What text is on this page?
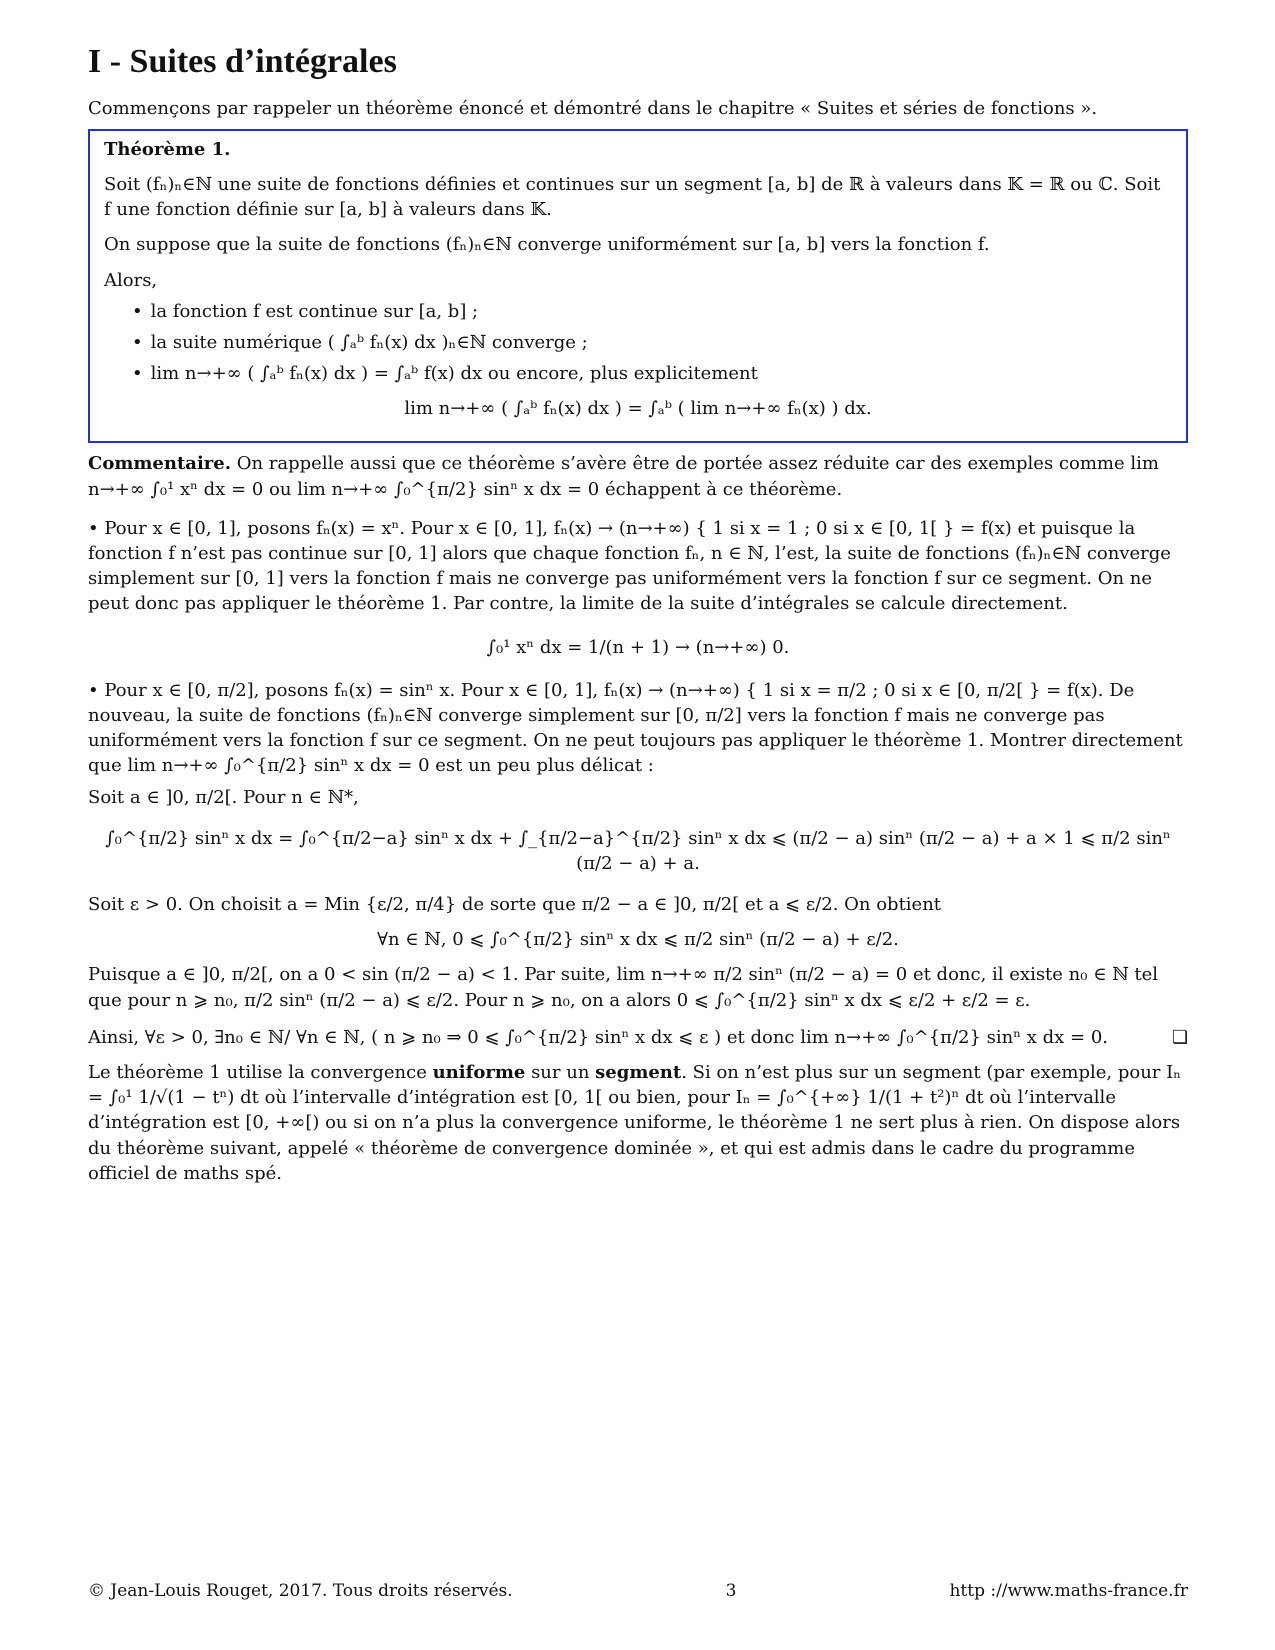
I - Suites d’intégrales

Commençons par rappeler un théorème énoncé et démontré dans le chapitre « Suites et séries de fonctions ».

Théorème 1.

Soit (fₙ)ₙ∈ℕ une suite de fonctions définies et continues sur un segment [a, b] de ℝ à valeurs dans 𝕂 = ℝ ou ℂ. Soit f une fonction définie sur [a, b] à valeurs dans 𝕂.

On suppose que la suite de fonctions (fₙ)ₙ∈ℕ converge uniformément sur [a, b] vers la fonction f.

Alors,

• la fonction f est continue sur [a, b] ;
• la suite numérique ( ∫ₐᵇ fₙ(x) dx )ₙ∈ℕ converge ;
• lim n→+∞ ( ∫ₐᵇ fₙ(x) dx ) = ∫ₐᵇ f(x) dx ou encore, plus explicitement
lim n→+∞ ( ∫ₐᵇ fₙ(x) dx ) = ∫ₐᵇ ( lim n→+∞ fₙ(x) ) dx.

Commentaire. On rappelle aussi que ce théorème s’avère être de portée assez réduite car des exemples comme lim n→+∞ ∫₀¹ xⁿ dx = 0 ou lim n→+∞ ∫₀^{π/2} sinⁿ x dx = 0 échappent à ce théorème.

• Pour x ∈ [0, 1], posons fₙ(x) = xⁿ. Pour x ∈ [0, 1], fₙ(x) → (n→+∞) { 1 si x = 1 ; 0 si x ∈ [0, 1[ } = f(x) et puisque la fonction f n’est pas continue sur [0, 1] alors que chaque fonction fₙ, n ∈ ℕ, l’est, la suite de fonctions (fₙ)ₙ∈ℕ converge simplement sur [0, 1] vers la fonction f mais ne converge pas uniformément vers la fonction f sur ce segment. On ne peut donc pas appliquer le théorème 1. Par contre, la limite de la suite d’intégrales se calcule directement.

∫₀¹ xⁿ dx = 1/(n + 1) → (n→+∞) 0.

• Pour x ∈ [0, π/2], posons fₙ(x) = sinⁿ x. Pour x ∈ [0, 1], fₙ(x) → (n→+∞) { 1 si x = π/2 ; 0 si x ∈ [0, π/2[ } = f(x). De nouveau, la suite de fonctions (fₙ)ₙ∈ℕ converge simplement sur [0, π/2] vers la fonction f mais ne converge pas uniformément vers la fonction f sur ce segment. On ne peut toujours pas appliquer le théorème 1. Montrer directement que lim n→+∞ ∫₀^{π/2} sinⁿ x dx = 0 est un peu plus délicat :

Soit a ∈ ]0, π/2[. Pour n ∈ ℕ*,

∫₀^{π/2} sinⁿ x dx = ∫₀^{π/2−a} sinⁿ x dx + ∫_{π/2−a}^{π/2} sinⁿ x dx ⩽ (π/2 − a) sinⁿ (π/2 − a) + a × 1 ⩽ π/2 sinⁿ (π/2 − a) + a.

Soit ε > 0. On choisit a = Min {ε/2, π/4} de sorte que π/2 − a ∈ ]0, π/2[ et a ⩽ ε/2. On obtient

∀n ∈ ℕ, 0 ⩽ ∫₀^{π/2} sinⁿ x dx ⩽ π/2 sinⁿ (π/2 − a) + ε/2.

Puisque a ∈ ]0, π/2[, on a 0 < sin (π/2 − a) < 1. Par suite, lim n→+∞ π/2 sinⁿ (π/2 − a) = 0 et donc, il existe n₀ ∈ ℕ tel que pour n ⩾ n₀, π/2 sinⁿ (π/2 − a) ⩽ ε/2. Pour n ⩾ n₀, on a alors 0 ⩽ ∫₀^{π/2} sinⁿ x dx ⩽ ε/2 + ε/2 = ε.

Ainsi, ∀ε > 0, ∃n₀ ∈ ℕ/ ∀n ∈ ℕ, ( n ⩾ n₀ ⇒ 0 ⩽ ∫₀^{π/2} sinⁿ x dx ⩽ ε ) et donc lim n→+∞ ∫₀^{π/2} sinⁿ x dx = 0.	❏

Le théorème 1 utilise la convergence uniforme sur un segment. Si on n’est plus sur un segment (par exemple, pour Iₙ = ∫₀¹ 1/√(1 − tⁿ) dt où l’intervalle d’intégration est [0, 1[ ou bien, pour Iₙ = ∫₀^{+∞} 1/(1 + t²)ⁿ dt où l’intervalle d’intégration est [0, +∞[) ou si on n’a plus la convergence uniforme, le théorème 1 ne sert plus à rien. On dispose alors du théorème suivant, appelé « théorème de convergence dominée », et qui est admis dans le cadre du programme officiel de maths spé.

© Jean-Louis Rouget, 2017. Tous droits réservés.	3	http ://www.maths-france.fr
